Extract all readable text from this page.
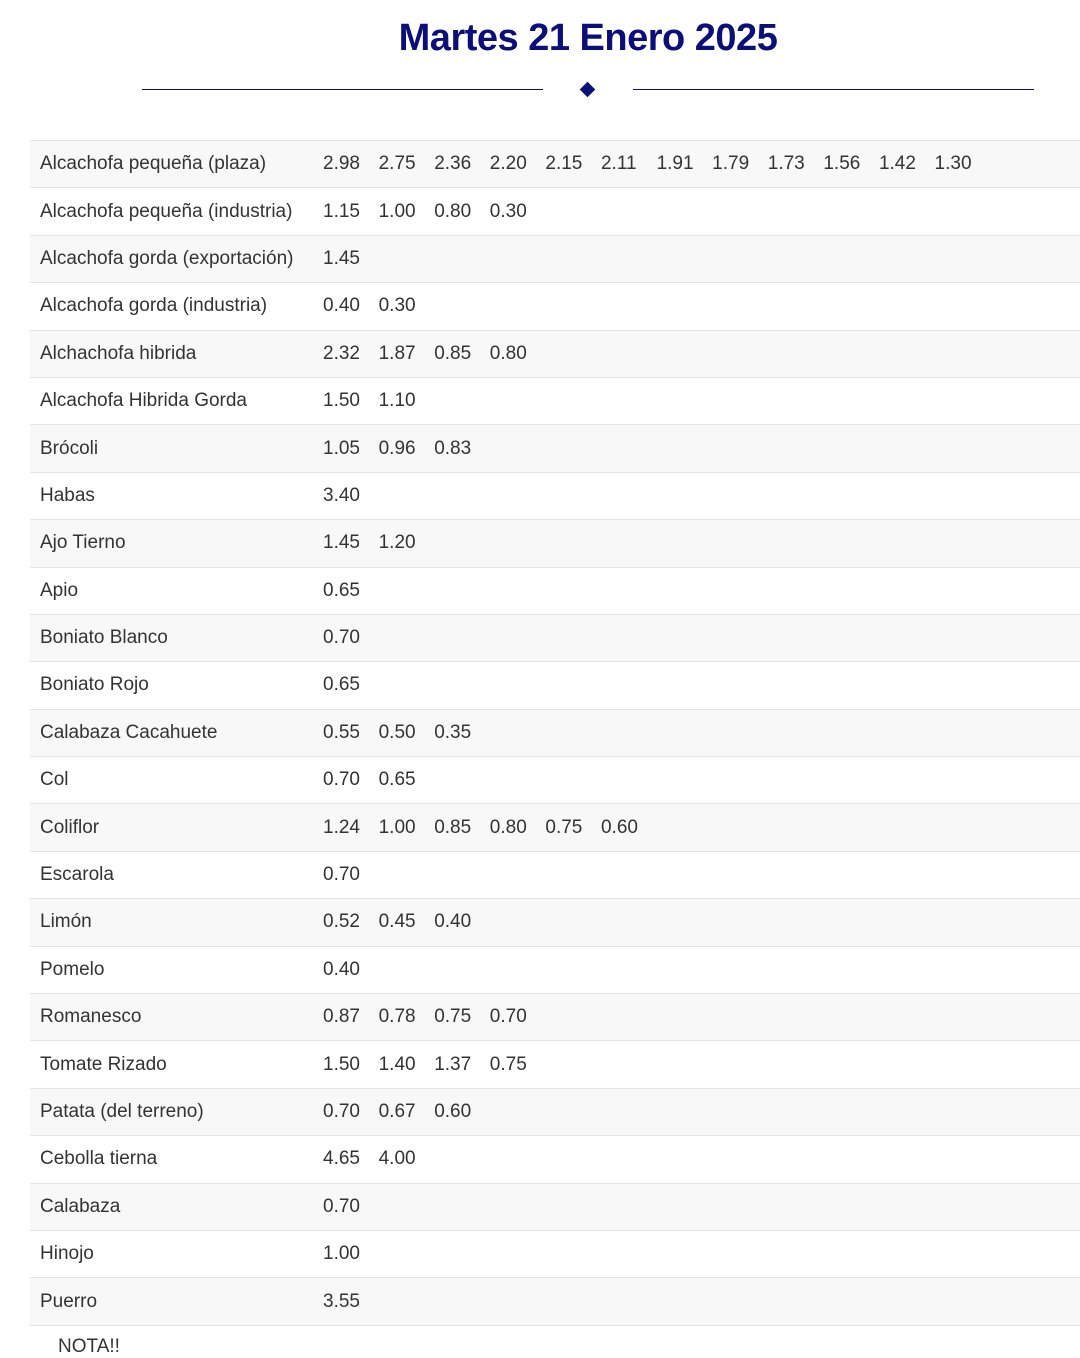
Martes 21 Enero 2025
Alcachofa pequeña (plaza)	2.98	2.75	2.36	2.20	2.15	2.11	1.91	1.79	1.73	1.56	1.42	1.30	
Alcachofa pequeña (industria)	1.15	1.00	0.80	0.30									
Alcachofa gorda (exportación)	1.45												
Alcachofa gorda (industria)	0.40	0.30											
Alchachofa hibrida	2.32	1.87	0.85	0.80									
Alcachofa Hibrida Gorda	1.50	1.10											
Brócoli	1.05	0.96	0.83										
Habas	3.40												
Ajo Tierno	1.45	1.20											
Apio	0.65												
Boniato Blanco	0.70												
Boniato Rojo	0.65												
Calabaza Cacahuete	0.55	0.50	0.35										
Col	0.70	0.65											
Coliflor	1.24	1.00	0.85	0.80	0.75	0.60							
Escarola	0.70												
Limón	0.52	0.45	0.40										
Pomelo	0.40												
Romanesco	0.87	0.78	0.75	0.70									
Tomate Rizado	1.50	1.40	1.37	0.75									
Patata (del terreno)	0.70	0.67	0.60										
Cebolla tierna	4.65	4.00											
Calabaza	0.70												
Hinojo	1.00												
Puerro	3.55												
NOTA!!
